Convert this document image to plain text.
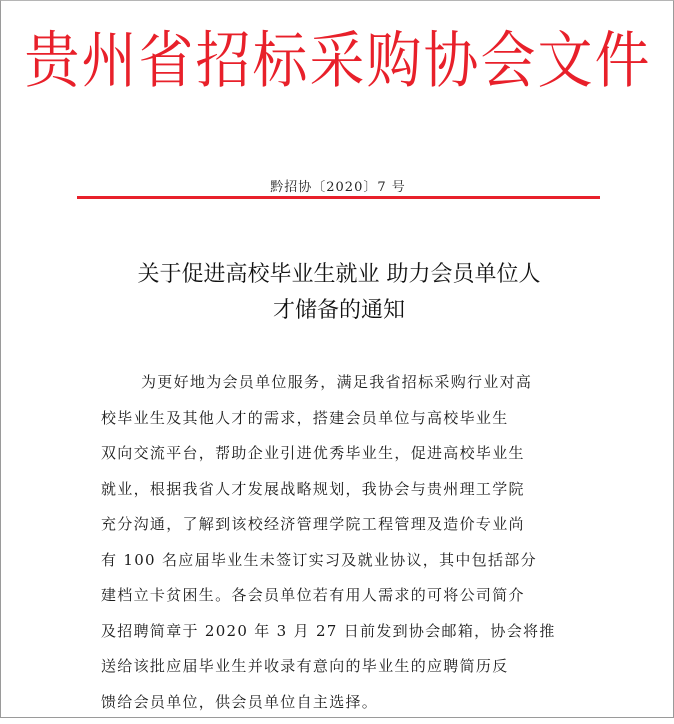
贵州省招标采购协会文件
黔招协〔2020〕7 号
关于促进高校毕业生就业 助力会员单位人
才储备的通知
为更好地为会员单位服务，满足我省招标采购行业对高
校毕业生及其他人才的需求，搭建会员单位与高校毕业生
双向交流平台，帮助企业引进优秀毕业生，促进高校毕业生
就业，根据我省人才发展战略规划，我协会与贵州理工学院
充分沟通，了解到该校经济管理学院工程管理及造价专业尚
有 100 名应届毕业生未签订实习及就业协议，其中包括部分
建档立卡贫困生。各会员单位若有用人需求的可将公司简介
及招聘简章于 2020 年 3 月 27 日前发到协会邮箱，协会将推
送给该批应届毕业生并收录有意向的毕业生的应聘简历反
馈给会员单位，供会员单位自主选择。
